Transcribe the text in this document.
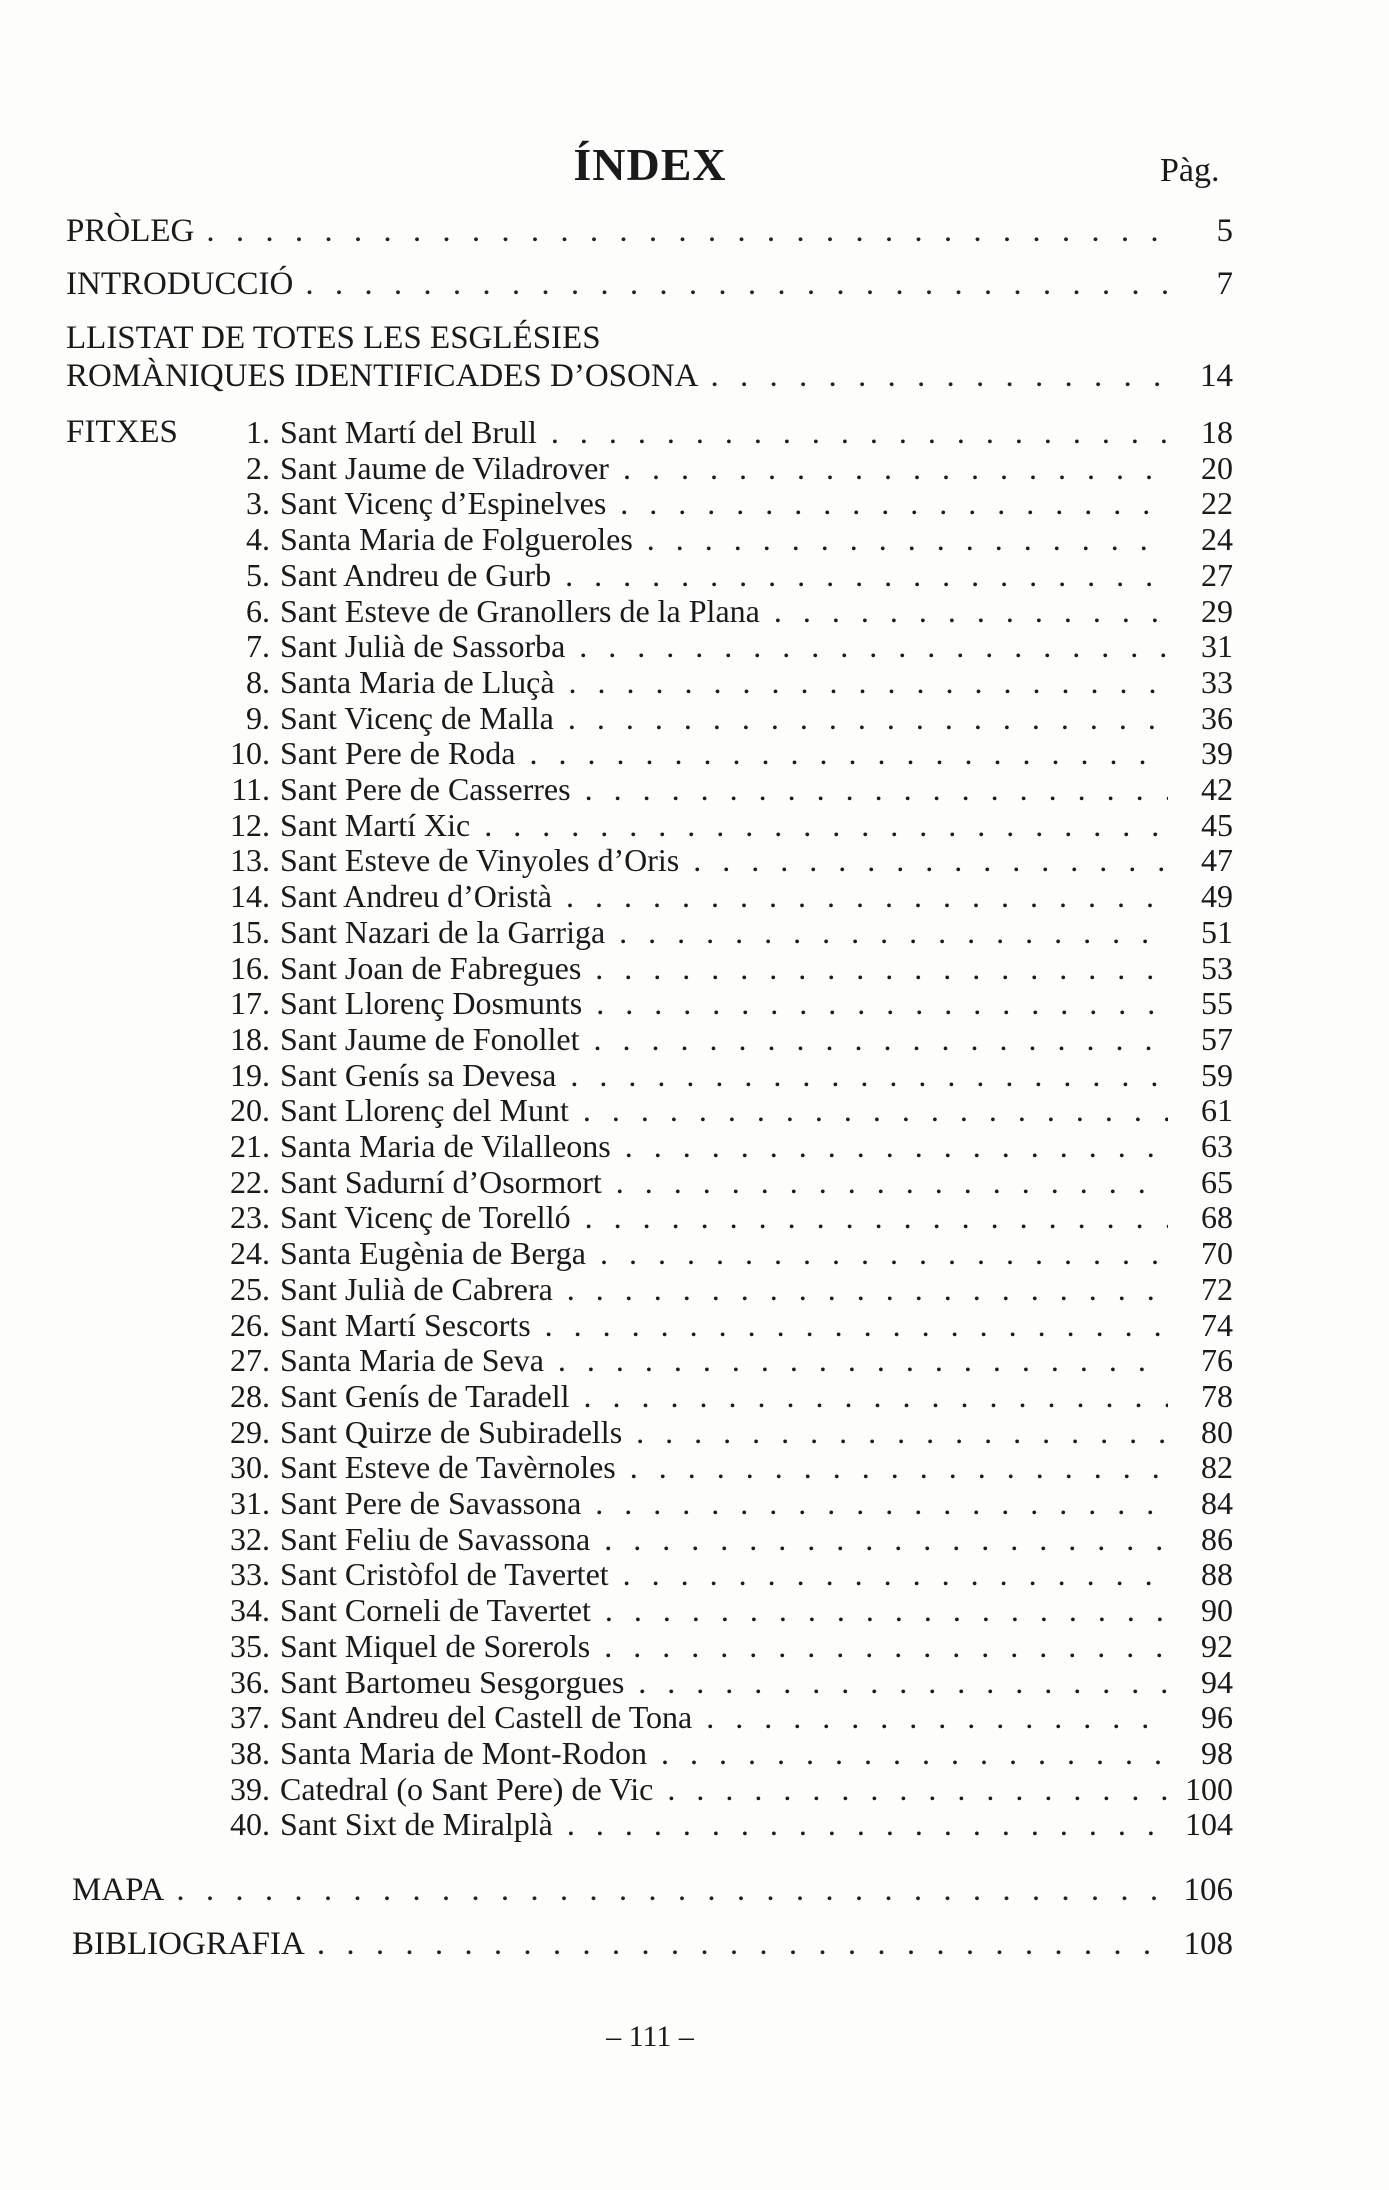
ÍNDEX	Pàg.
PRÒLEG . . .	5
INTRODUCCIÓ . . .	7
LLISTAT DE TOTES LES ESGLÉSIES
ROMÀNIQUES IDENTIFICADES D’OSONA . . .	14
FITXES	1. Sant Martí del Brull . . .	18
2. Sant Jaume de Viladrover . . .	20
3. Sant Vicenç d’Espinelves . . .	22
4. Santa Maria de Folgueroles . . .	24
5. Sant Andreu de Gurb . . .	27
6. Sant Esteve de Granollers de la Plana . . .	29
7. Sant Julià de Sassorba . . .	31
8. Santa Maria de Lluçà . . .	33
9. Sant Vicenç de Malla . . .	36
10. Sant Pere de Roda . . .	39
11. Sant Pere de Casserres . . .	42
12. Sant Martí Xic . . .	45
13. Sant Esteve de Vinyoles d’Oris . . .	47
14. Sant Andreu d’Oristà . . .	49
15. Sant Nazari de la Garriga . . .	51
16. Sant Joan de Fabregues . . .	53
17. Sant Llorenç Dosmunts . . .	55
18. Sant Jaume de Fonollet . . .	57
19. Sant Genís sa Devesa . . .	59
20. Sant Llorenç del Munt . . .	61
21. Santa Maria de Vilalleons . . .	63
22. Sant Sadurní d’Osormort . . .	65
23. Sant Vicenç de Torelló . . .	68
24. Santa Eugènia de Berga . . .	70
25. Sant Julià de Cabrera . . .	72
26. Sant Martí Sescorts . . .	74
27. Santa Maria de Seva . . .	76
28. Sant Genís de Taradell . . .	78
29. Sant Quirze de Subiradells . . .	80
30. Sant Esteve de Tavèrnoles . . .	82
31. Sant Pere de Savassona . . .	84
32. Sant Feliu de Savassona . . .	86
33. Sant Cristòfol de Tavertet . . .	88
34. Sant Corneli de Tavertet . . .	90
35. Sant Miquel de Sorerols . . .	92
36. Sant Bartomeu Sesgorgues . . .	94
37. Sant Andreu del Castell de Tona . . .	96
38. Santa Maria de Mont-Rodon . . .	98
39. Catedral (o Sant Pere) de Vic . . .	100
40. Sant Sixt de Miralplà . . .	104
MAPA . . .	106
BIBLIOGRAFIA . . .	108
– 111 –
